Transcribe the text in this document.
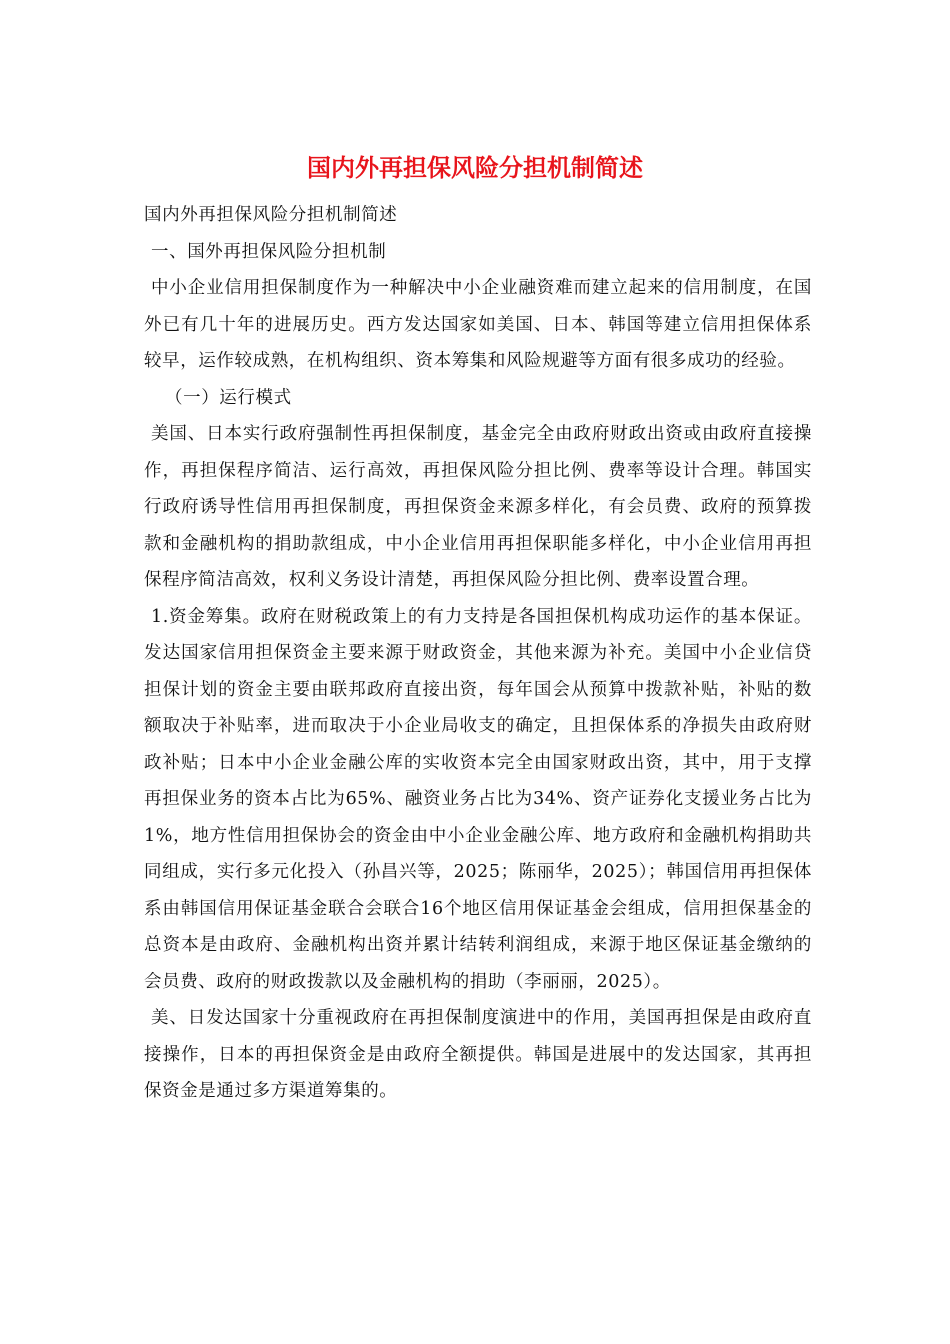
国内外再担保风险分担机制简述

国内外再担保风险分担机制简述

一、国外再担保风险分担机制

中小企业信用担保制度作为一种解决中小企业融资难而建立起来的信用制度，在国外已有几十年的进展历史。西方发达国家如美国、日本、韩国等建立信用担保体系较早，运作较成熟，在机构组织、资本筹集和风险规避等方面有很多成功的经验。

（一）运行模式

美国、日本实行政府强制性再担保制度，基金完全由政府财政出资或由政府直接操作，再担保程序简洁、运行高效，再担保风险分担比例、费率等设计合理。韩国实行政府诱导性信用再担保制度，再担保资金来源多样化，有会员费、政府的预算拨款和金融机构的捐助款组成，中小企业信用再担保职能多样化，中小企业信用再担保程序简洁高效，权利义务设计清楚，再担保风险分担比例、费率设置合理。

1.资金筹集。政府在财税政策上的有力支持是各国担保机构成功运作的基本保证。发达国家信用担保资金主要来源于财政资金，其他来源为补充。美国中小企业信贷担保计划的资金主要由联邦政府直接出资，每年国会从预算中拨款补贴，补贴的数额取决于补贴率，进而取决于小企业局收支的确定，且担保体系的净损失由政府财政补贴；日本中小企业金融公库的实收资本完全由国家财政出资，其中，用于支撑再担保业务的资本占比为65%、融资业务占比为34%、资产证券化支援业务占比为1%，地方性信用担保协会的资金由中小企业金融公库、地方政府和金融机构捐助共同组成，实行多元化投入（孙昌兴等，2025；陈丽华，2025）；韩国信用再担保体系由韩国信用保证基金联合会联合16个地区信用保证基金会组成，信用担保基金的总资本是由政府、金融机构出资并累计结转利润组成，来源于地区保证基金缴纳的会员费、政府的财政拨款以及金融机构的捐助（李丽丽，2025）。

美、日发达国家十分重视政府在再担保制度演进中的作用，美国再担保是由政府直接操作，日本的再担保资金是由政府全额提供。韩国是进展中的发达国家，其再担保资金是通过多方渠道筹集的。
